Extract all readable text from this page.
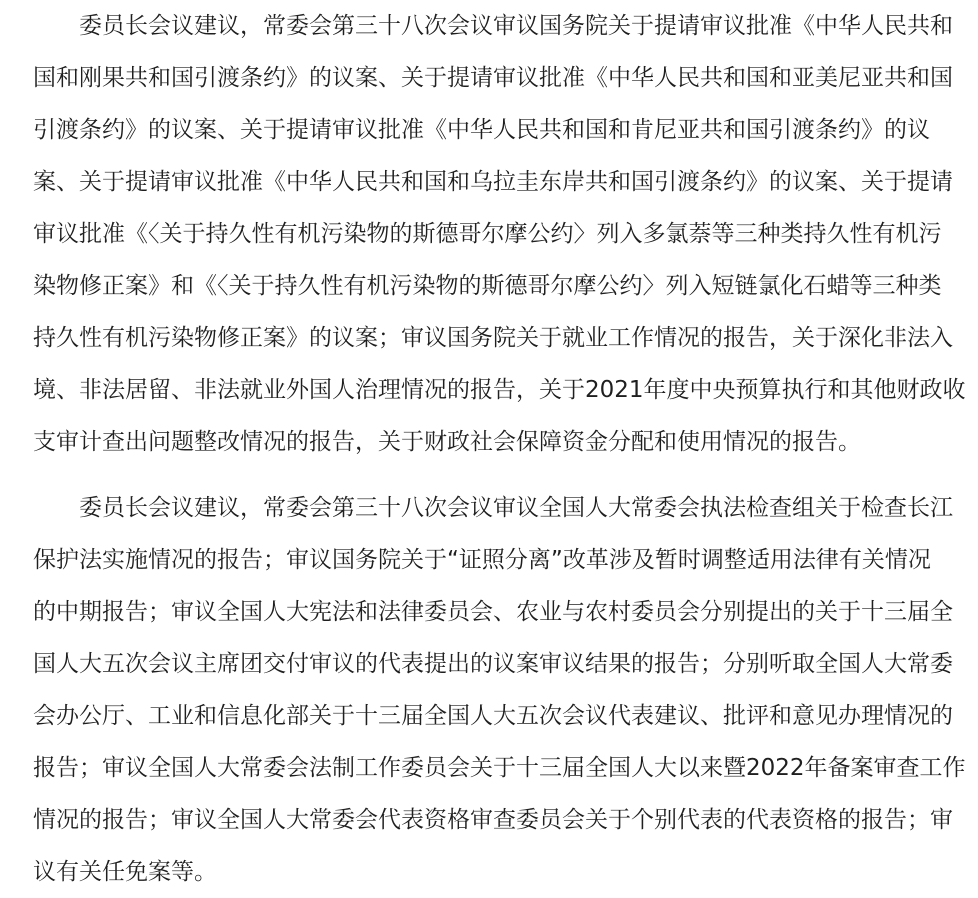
委员长会议建议，常委会第三十八次会议审议国务院关于提请审议批准《中华人民共和
国和刚果共和国引渡条约》的议案、关于提请审议批准《中华人民共和国和亚美尼亚共和国
引渡条约》的议案、关于提请审议批准《中华人民共和国和肯尼亚共和国引渡条约》的议
案、关于提请审议批准《中华人民共和国和乌拉圭东岸共和国引渡条约》的议案、关于提请
审议批准《〈关于持久性有机污染物的斯德哥尔摩公约〉列入多氯萘等三种类持久性有机污
染物修正案》和《〈关于持久性有机污染物的斯德哥尔摩公约〉列入短链氯化石蜡等三种类
持久性有机污染物修正案》的议案；审议国务院关于就业工作情况的报告，关于深化非法入
境、非法居留、非法就业外国人治理情况的报告，关于2021年度中央预算执行和其他财政收
支审计查出问题整改情况的报告，关于财政社会保障资金分配和使用情况的报告。

委员长会议建议，常委会第三十八次会议审议全国人大常委会执法检查组关于检查长江
保护法实施情况的报告；审议国务院关于“证照分离”改革涉及暂时调整适用法律有关情况
的中期报告；审议全国人大宪法和法律委员会、农业与农村委员会分别提出的关于十三届全
国人大五次会议主席团交付审议的代表提出的议案审议结果的报告；分别听取全国人大常委
会办公厅、工业和信息化部关于十三届全国人大五次会议代表建议、批评和意见办理情况的
报告；审议全国人大常委会法制工作委员会关于十三届全国人大以来暨2022年备案审查工作
情况的报告；审议全国人大常委会代表资格审查委员会关于个别代表的代表资格的报告；审
议有关任免案等。
